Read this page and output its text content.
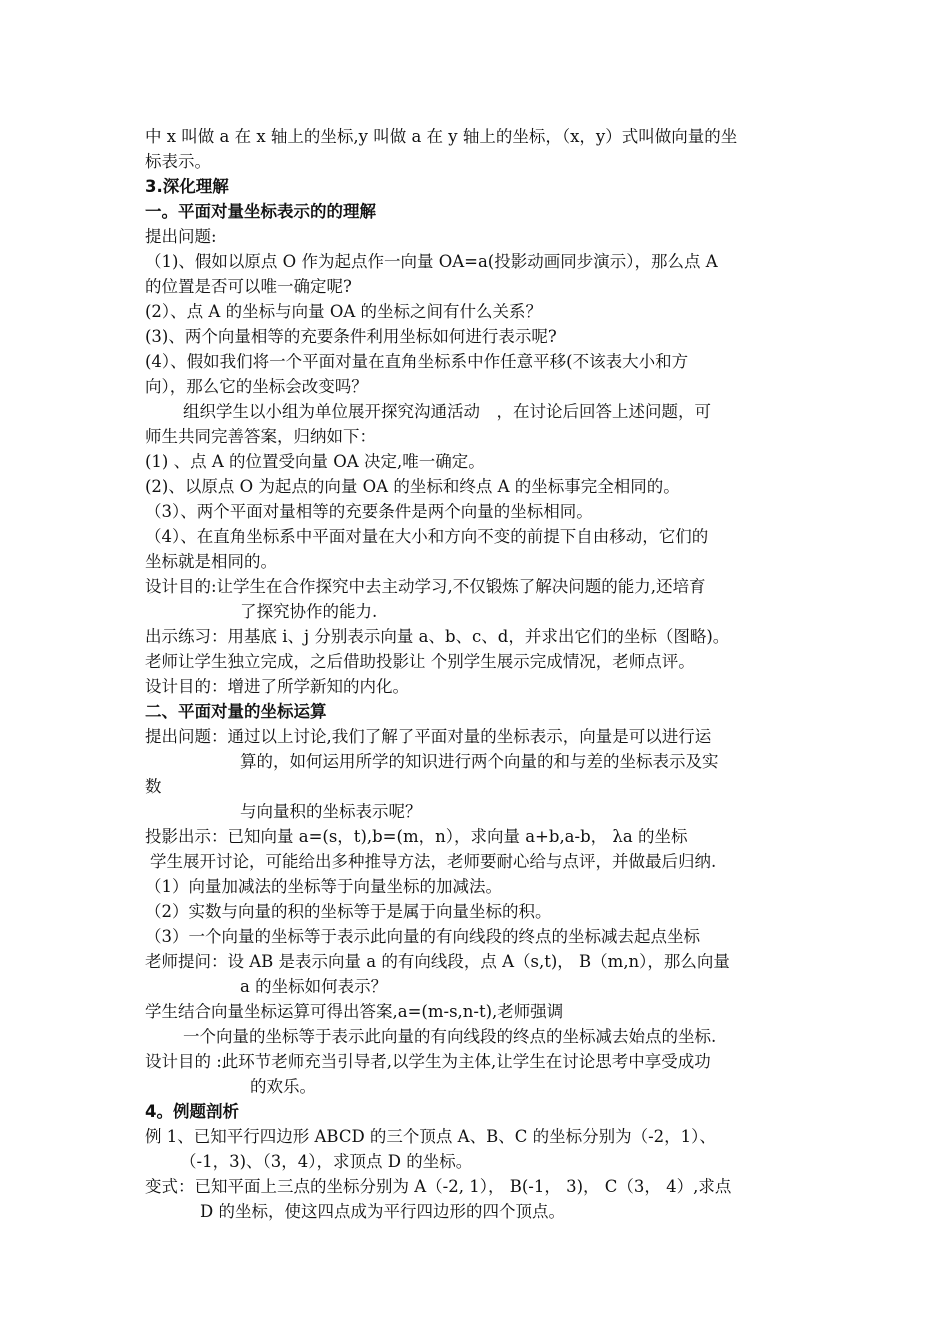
中 x 叫做 a 在 x 轴上的坐标,y 叫做 a 在 y 轴上的坐标，（x，y）式叫做向量的坐
标表示。
3.深化理解
一。平面对量坐标表示的的理解
提出问题:
（1)、假如以原点 O 作为起点作一向量 OA=a(投影动画同步演示），那么点 A
的位置是否可以唯一确定呢?
(2）、点 A 的坐标与向量 OA 的坐标之间有什么关系？
(3)、两个向量相等的充要条件利用坐标如何进行表示呢?
(4）、假如我们将一个平面对量在直角坐标系中作任意平移(不该表大小和方
向），那么它的坐标会改变吗？
组织学生以小组为单位展开探究沟通活动　，在讨论后回答上述问题，可
师生共同完善答案，归纳如下：
(1) 、点 A 的位置受向量 OA 决定,唯一确定。
(2)、以原点 O 为起点的向量 OA 的坐标和终点 A 的坐标事完全相同的。
（3）、两个平面对量相等的充要条件是两个向量的坐标相同。
（4）、在直角坐标系中平面对量在大小和方向不变的前提下自由移动，它们的
坐标就是相同的。
设计目的:让学生在合作探究中去主动学习,不仅锻炼了解决问题的能力,还培育
了探究协作的能力.
出示练习：用基底 i、j 分别表示向量 a、b、c、d，并求出它们的坐标（图略)。
老师让学生独立完成，之后借助投影让 个别学生展示完成情况，老师点评。
设计目的：增进了所学新知的内化。
二、平面对量的坐标运算
提出问题：通过以上讨论,我们了解了平面对量的坐标表示，向量是可以进行运
算的，如何运用所学的知识进行两个向量的和与差的坐标表示及实
数
与向量积的坐标表示呢？
投影出示：已知向量 a=(s，t),b=(m，n），求向量 a+b,a-b， λa 的坐标
学生展开讨论，可能给出多种推导方法，老师要耐心给与点评，并做最后归纳.
（1）向量加减法的坐标等于向量坐标的加减法。
（2）实数与向量的积的坐标等于是属于向量坐标的积。
（3）一个向量的坐标等于表示此向量的有向线段的终点的坐标减去起点坐标
老师提问：设 AB 是表示向量 a 的有向线段，点 A（s,t)， B（m,n），那么向量
a 的坐标如何表示？
学生结合向量坐标运算可得出答案,a=(m-s,n-t),老师强调
一个向量的坐标等于表示此向量的有向线段的终点的坐标减去始点的坐标.
设计目的 :此环节老师充当引导者,以学生为主体,让学生在讨论思考中享受成功
的欢乐。
4。例题剖析
例 1、已知平行四边形 ABCD 的三个顶点 A、B、C 的坐标分别为（-2，1）、
（-1，3)、（3，4），求顶点 D 的坐标。
变式：已知平面上三点的坐标分别为 A（-2, 1）， B(-1， 3)， C（3， 4）,求点
D 的坐标，使这四点成为平行四边形的四个顶点。
